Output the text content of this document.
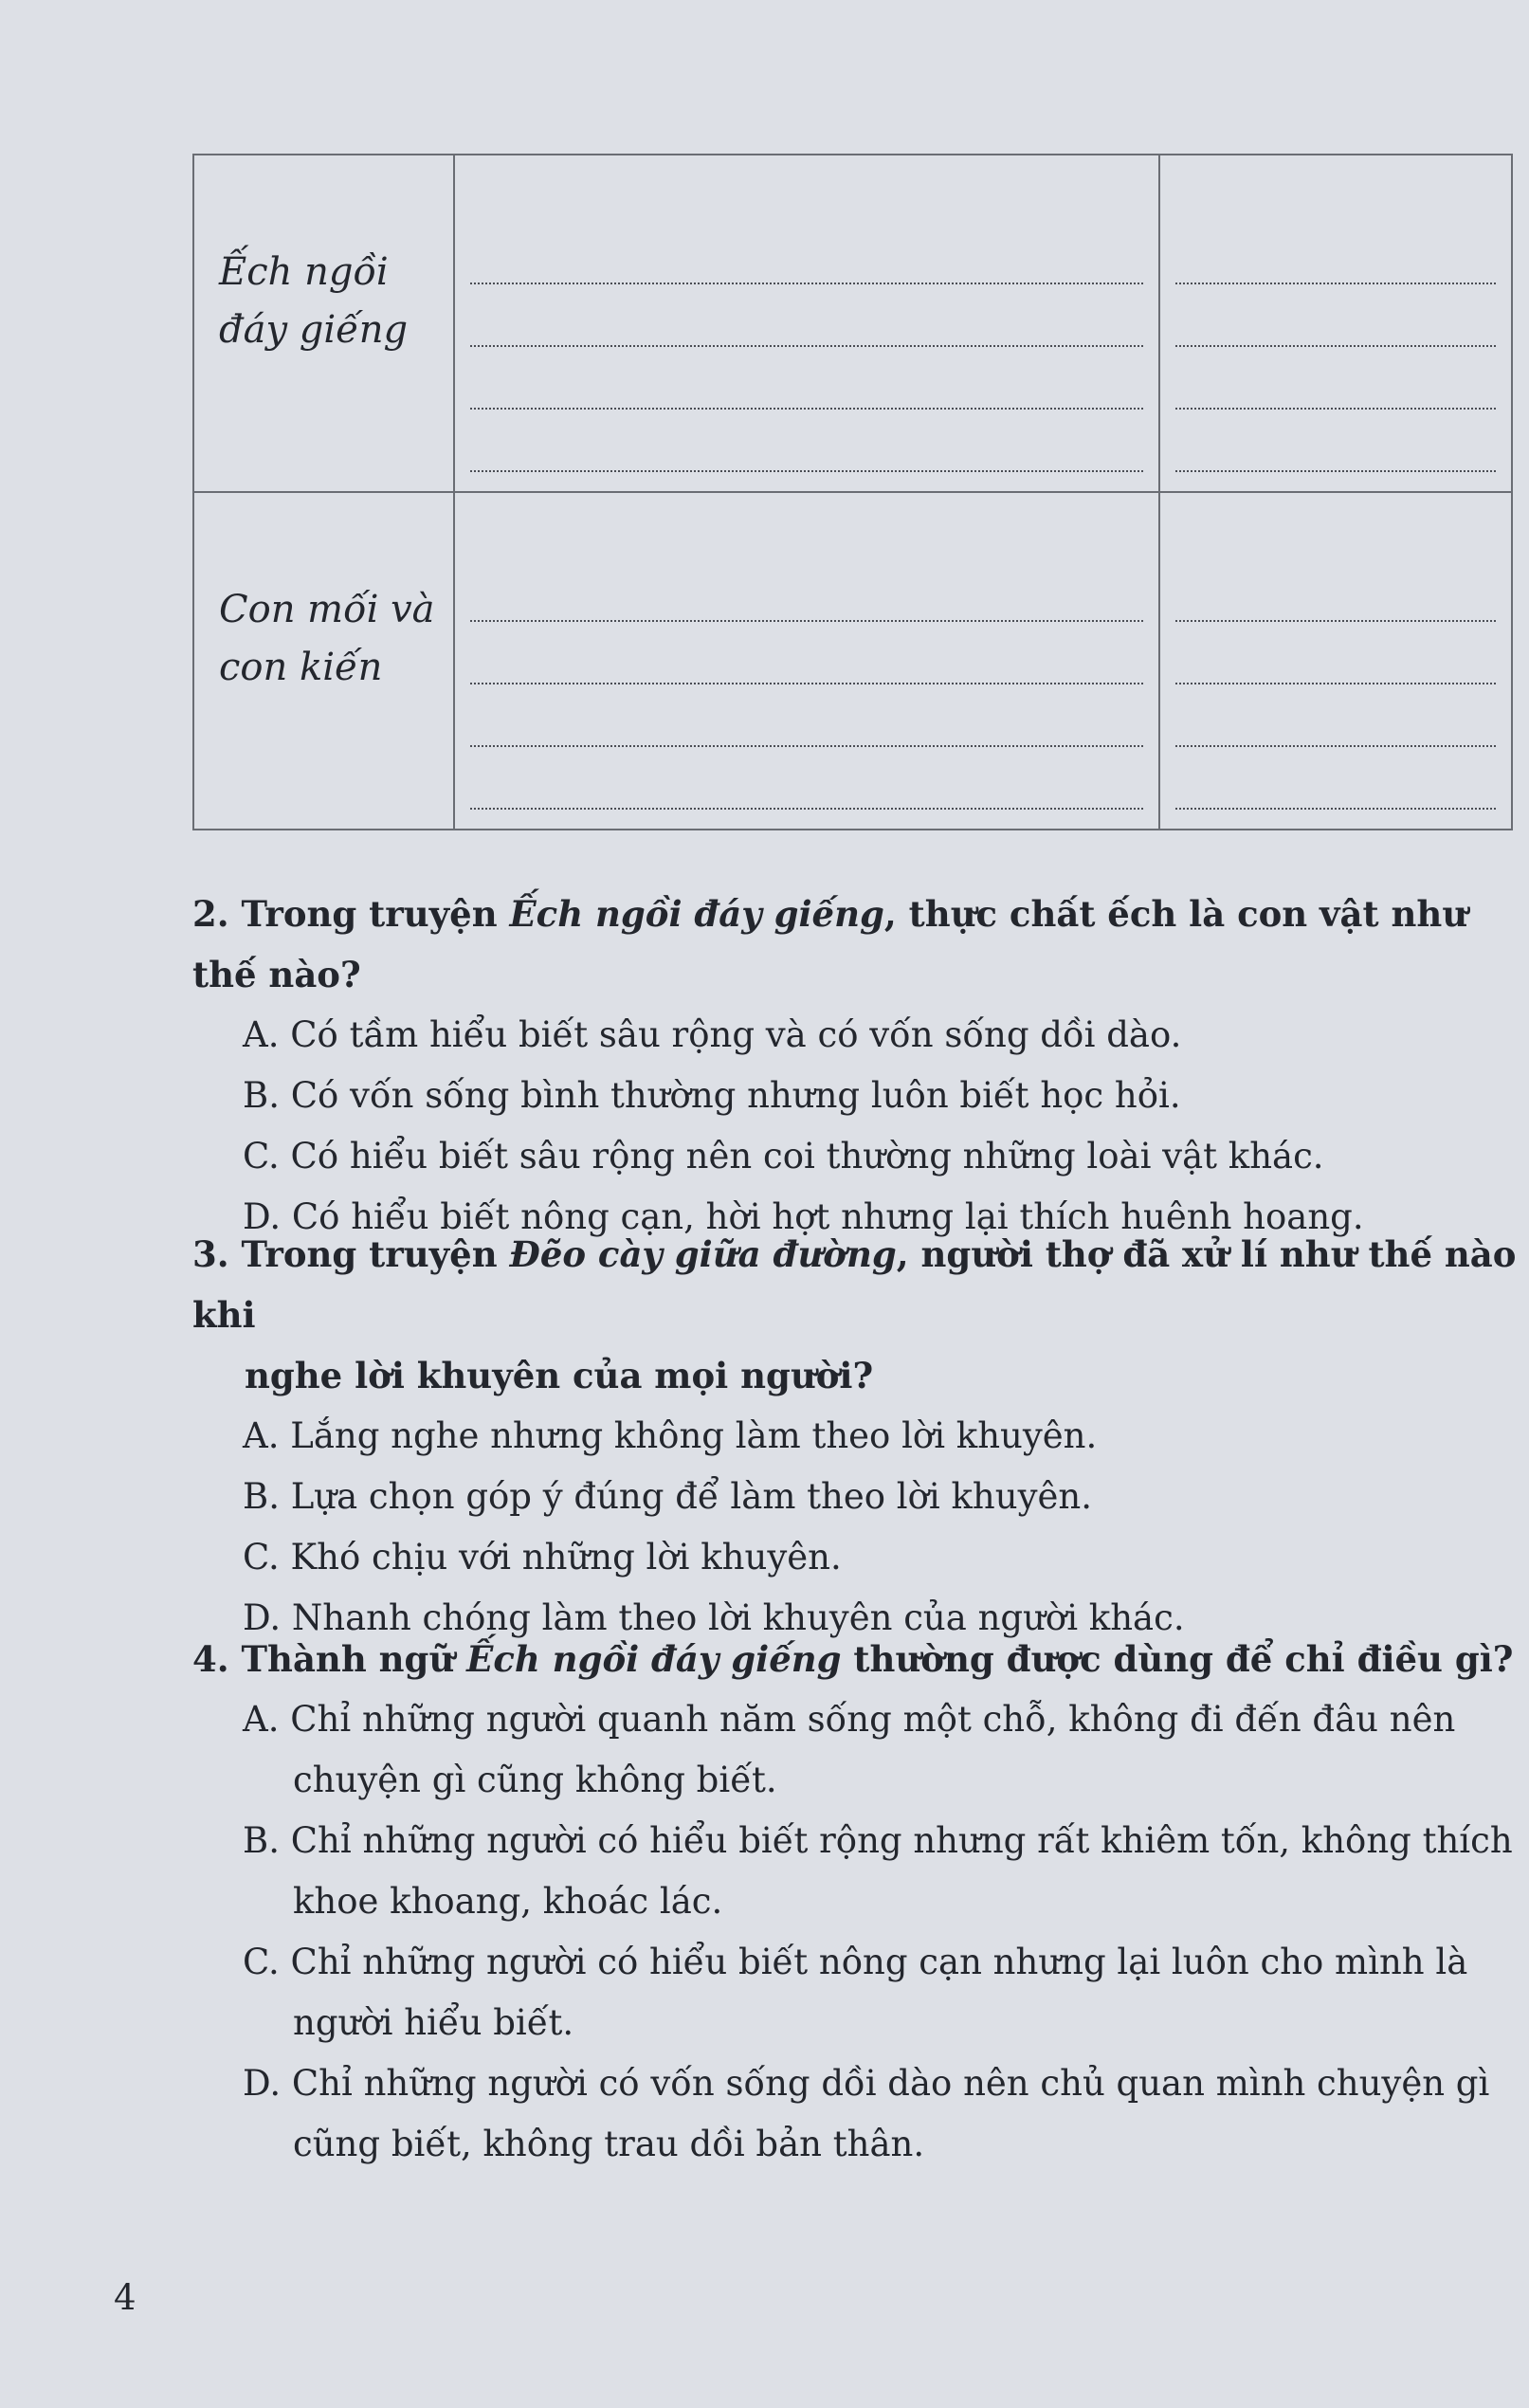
Ếch ngồi
đáy giếng		

Con mối và
con kiến		

2. Trong truyện Ếch ngồi đáy giếng, thực chất ếch là con vật như thế nào?

A. Có tầm hiểu biết sâu rộng và có vốn sống dồi dào.

B. Có vốn sống bình thường nhưng luôn biết học hỏi.

C. Có hiểu biết sâu rộng nên coi thường những loài vật khác.

D. Có hiểu biết nông cạn, hời hợt nhưng lại thích huênh hoang.

3. Trong truyện Đẽo cày giữa đường, người thợ đã xử lí như thế nào khi
nghe lời khuyên của mọi người?

A. Lắng nghe nhưng không làm theo lời khuyên.

B. Lựa chọn góp ý đúng để làm theo lời khuyên.

C. Khó chịu với những lời khuyên.

D. Nhanh chóng làm theo lời khuyên của người khác.

4. Thành ngữ Ếch ngồi đáy giếng thường được dùng để chỉ điều gì?

A. Chỉ những người quanh năm sống một chỗ, không đi đến đâu nên
chuyện gì cũng không biết.

B. Chỉ những người có hiểu biết rộng nhưng rất khiêm tốn, không thích
khoe khoang, khoác lác.

C. Chỉ những người có hiểu biết nông cạn nhưng lại luôn cho mình là
người hiểu biết.

D. Chỉ những người có vốn sống dồi dào nên chủ quan mình chuyện gì
cũng biết, không trau dồi bản thân.

4
